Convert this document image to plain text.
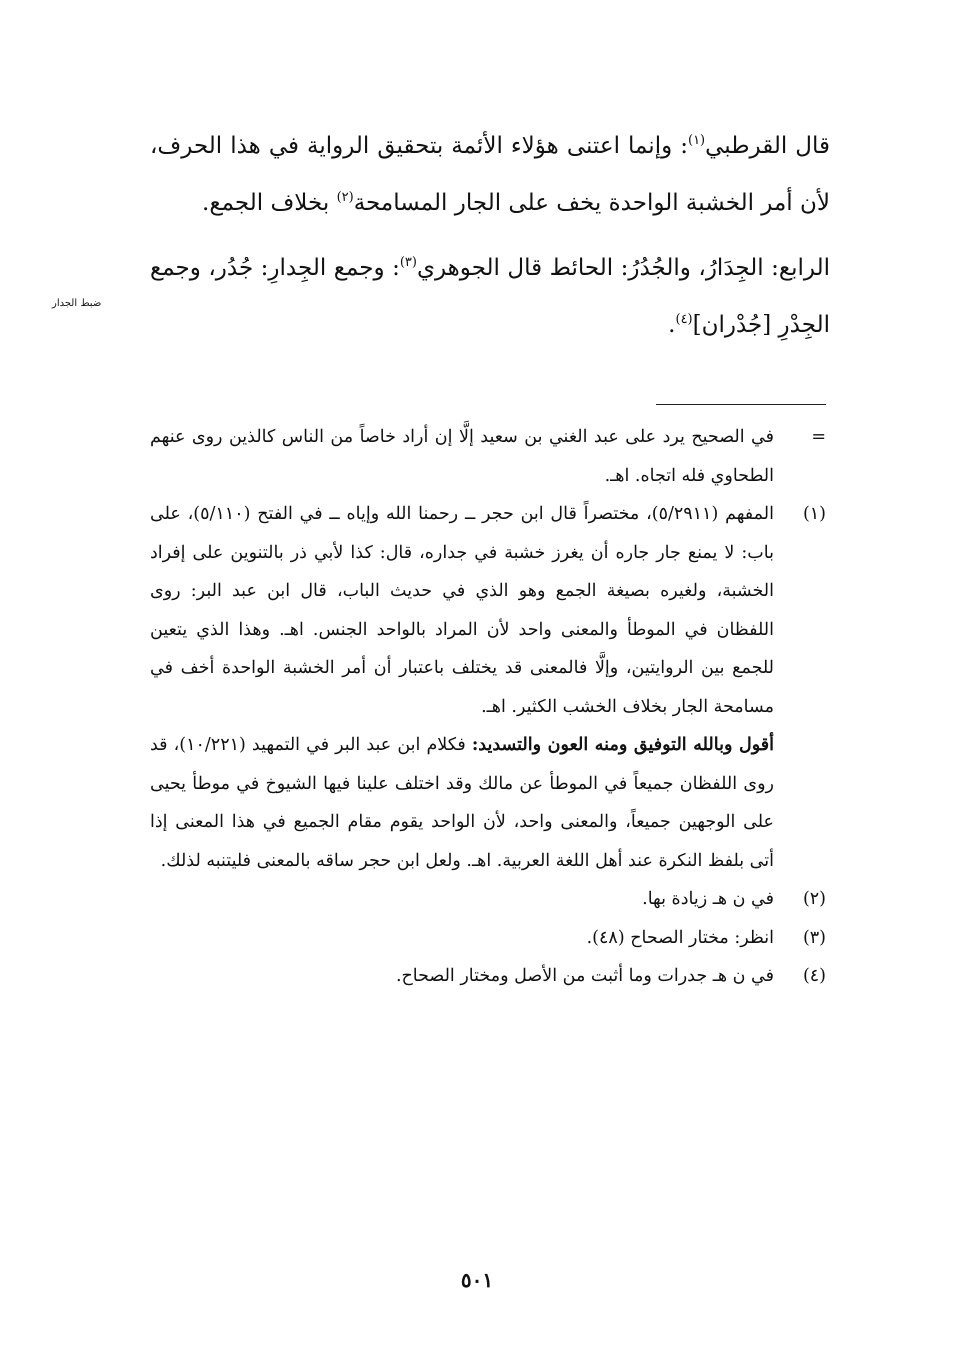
قال القرطبي$^{(١)}$: وإنما اعتنى هؤلاء الأئمة بتحقيق الرواية في هذا الحرف، لأن أمر الخشبة الواحدة يخف على الجار المسامحة$^{(٢)}$ بخلاف الجمع.

الرابع: الجِدَارُ، والجُدُرُ: الحائط قال الجوهري$^{(٣)}$: وجمع الجِدارِ: جُدُر، وجمع الجِدْرِ [جُدْران]$^{(٤)}$.

ضبط الجدار
=

في الصحيح يرد على عبد الغني بن سعيد إلَّا إن أراد خاصاً من الناس كالذين روى عنهم الطحاوي فله اتجاه. اهـ.

(١)

المفهم (٥/٢٩١١)، مختصراً قال ابن حجر ــ رحمنا الله وإياه ــ في الفتح (٥/١١٠)، على باب: لا يمنع جار جاره أن يغرز خشبة في جداره، قال: كذا لأبي ذر بالتنوين على إفراد الخشبة، ولغيره بصيغة الجمع وهو الذي في حديث الباب، قال ابن عبد البر: روى اللفظان في الموطأ والمعنى واحد لأن المراد بالواحد الجنس. اهـ. وهذا الذي يتعين للجمع بين الروايتين، وإلَّا فالمعنى قد يختلف باعتبار أن أمر الخشبة الواحدة أخف في مسامحة الجار بخلاف الخشب الكثير. اهـ.

أقول وبالله التوفيق ومنه العون والتسديد: فكلام ابن عبد البر في التمهيد (١٠/٢٢١)، قد روى اللفظان جميعاً في الموطأ عن مالك وقد اختلف علينا فيها الشيوخ في موطأ يحيى على الوجهين جميعاً، والمعنى واحد، لأن الواحد يقوم مقام الجميع في هذا المعنى إذا أتى بلفظ النكرة عند أهل اللغة العربية. اهـ. ولعل ابن حجر ساقه بالمعنى فليتنبه لذلك.

(٢)

في ن هـ زيادة بها.

(٣)

انظر: مختار الصحاح (٤٨).

(٤)

في ن هـ جدرات وما أثبت من الأصل ومختار الصحاح.

٥٠١
